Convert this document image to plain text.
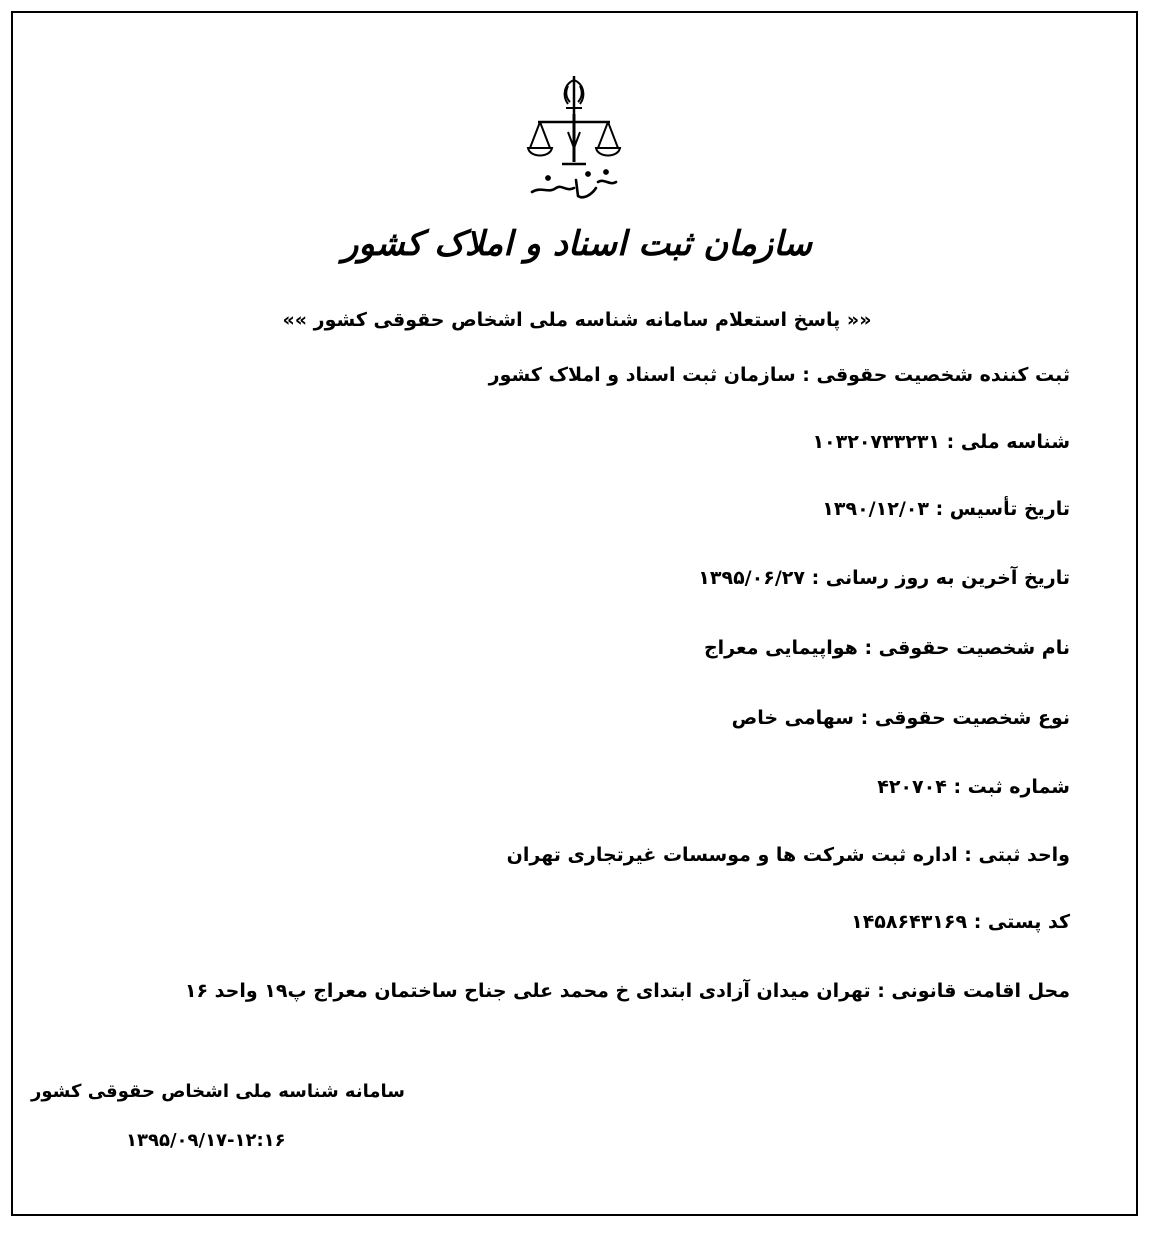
سازمان ثبت اسناد و املاک کشور
«« پاسخ استعلام سامانه شناسه ملی اشخاص حقوقی کشور »»
ثبت کننده شخصیت حقوقی : سازمان ثبت اسناد و املاک کشور
شناسه ملی : ۱۰۳۲۰۷۳۳۲۳۱
تاریخ تأسیس : ۱۳۹۰/۱۲/۰۳
تاریخ آخرین به روز رسانی : ۱۳۹۵/۰۶/۲۷
نام شخصیت حقوقی : هواپیمایی معراج
نوع شخصیت حقوقی : سهامی خاص
شماره ثبت : ۴۲۰۷۰۴
واحد ثبتی : اداره ثبت شرکت ها و موسسات غیرتجاری تهران
کد پستی : ۱۴۵۸۶۴۳۱۶۹
محل اقامت قانونی : تهران میدان آزادی ابتدای خ محمد علی جناح ساختمان معراج پ۱۹ واحد ۱۶
سامانه شناسه ملی اشخاص حقوقی کشور
۱۳۹۵/۰۹/۱۷-۱۲:۱۶
